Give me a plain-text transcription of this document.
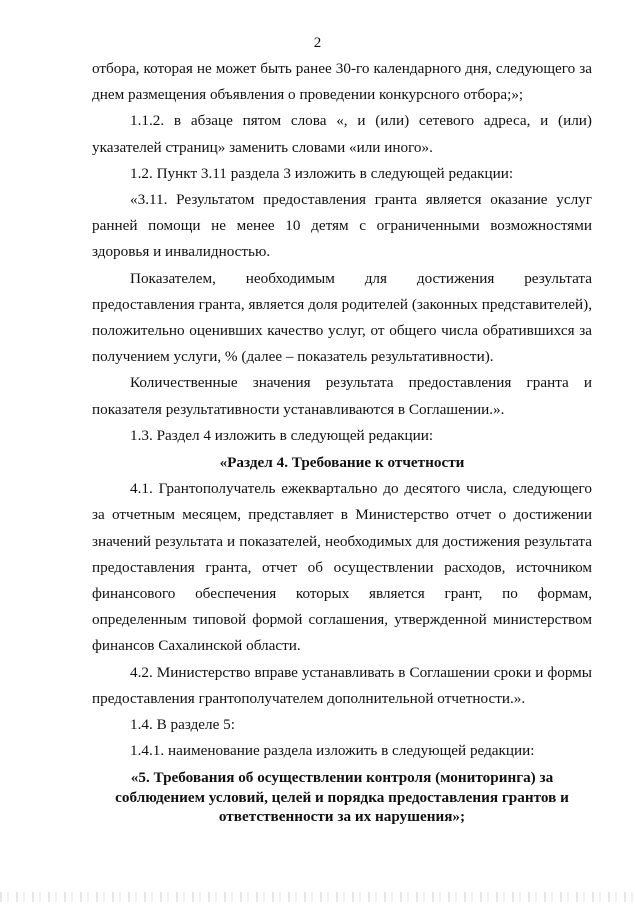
2

отбора, которая не может быть ранее 30-го календарного дня, следующего за днем размещения объявления о проведении конкурсного отбора;»;

1.1.2. в абзаце пятом слова «, и (или) сетевого адреса, и (или) указателей страниц» заменить словами «или иного».

1.2. Пункт 3.11 раздела 3 изложить в следующей редакции:

«3.11. Результатом предоставления гранта является оказание услуг ранней помощи не менее 10 детям с ограниченными возможностями здоровья и инвалидностью.

Показателем, необходимым для достижения результата предоставления гранта, является доля родителей (законных представителей), положительно оценивших качество услуг, от общего числа обратившихся за получением услуги, % (далее – показатель результативности).

Количественные значения результата предоставления гранта и показателя результативности устанавливаются в Соглашении.».

1.3. Раздел 4 изложить в следующей редакции:

«Раздел 4. Требование к отчетности

4.1. Грантополучатель ежеквартально до десятого числа, следующего за отчетным месяцем, представляет в Министерство отчет о достижении значений результата и показателей, необходимых для достижения результата предоставления гранта, отчет об осуществлении расходов, источником финансового обеспечения которых является грант, по формам, определенным типовой формой соглашения, утвержденной министерством финансов Сахалинской области.

4.2. Министерство вправе устанавливать в Соглашении сроки и формы предоставления грантополучателем дополнительной отчетности.».

1.4. В разделе 5:

1.4.1. наименование раздела изложить в следующей редакции:

«5. Требования об осуществлении контроля (мониторинга) за соблюдением условий, целей и порядка предоставления грантов и ответственности за их нарушения»;
